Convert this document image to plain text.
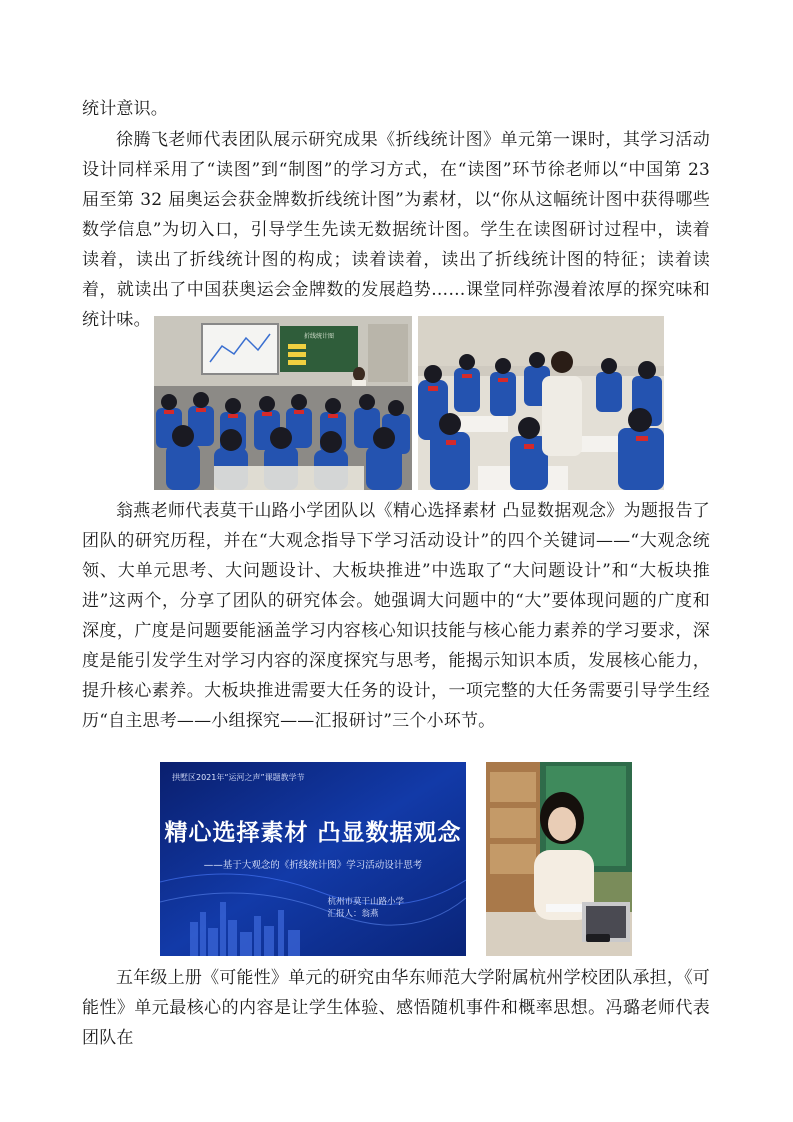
统计意识。

徐腾飞老师代表团队展示研究成果《折线统计图》单元第一课时，其学习活动设计同样采用了“读图”到“制图”的学习方式，在“读图”环节徐老师以“中国第 23 届至第 32 届奥运会获金牌数折线统计图”为素材，以“你从这幅统计图中获得哪些数学信息”为切入口，引导学生先读无数据统计图。学生在读图研讨过程中，读着读着，读出了折线统计图的构成；读着读着，读出了折线统计图的特征；读着读着，就读出了中国获奥运会金牌数的发展趋势……课堂同样弥漫着浓厚的探究味和统计味。

折线统计图

翁燕老师代表莫干山路小学团队以《精心选择素材 凸显数据观念》为题报告了团队的研究历程，并在“大观念指导下学习活动设计”的四个关键词——“大观念统领、大单元思考、大问题设计、大板块推进”中选取了“大问题设计”和“大板块推进”这两个，分享了团队的研究体会。她强调大问题中的“大”要体现问题的广度和深度，广度是问题要能涵盖学习内容核心知识技能与核心能力素养的学习要求，深度是能引发学生对学习内容的深度探究与思考，能揭示知识本质，发展核心能力，提升核心素养。大板块推进需要大任务的设计，一项完整的大任务需要引导学生经历“自主思考——小组探究——汇报研讨”三个小环节。

拱墅区2021年“运河之声”课题教学节
精心选择素材 凸显数据观念
——基于大观念的《折线统计图》学习活动设计思考
杭州市莫干山路小学
汇报人：翁燕

五年级上册《可能性》单元的研究由华东师范大学附属杭州学校团队承担，《可能性》单元最核心的内容是让学生体验、感悟随机事件和概率思想。冯璐老师代表团队在
